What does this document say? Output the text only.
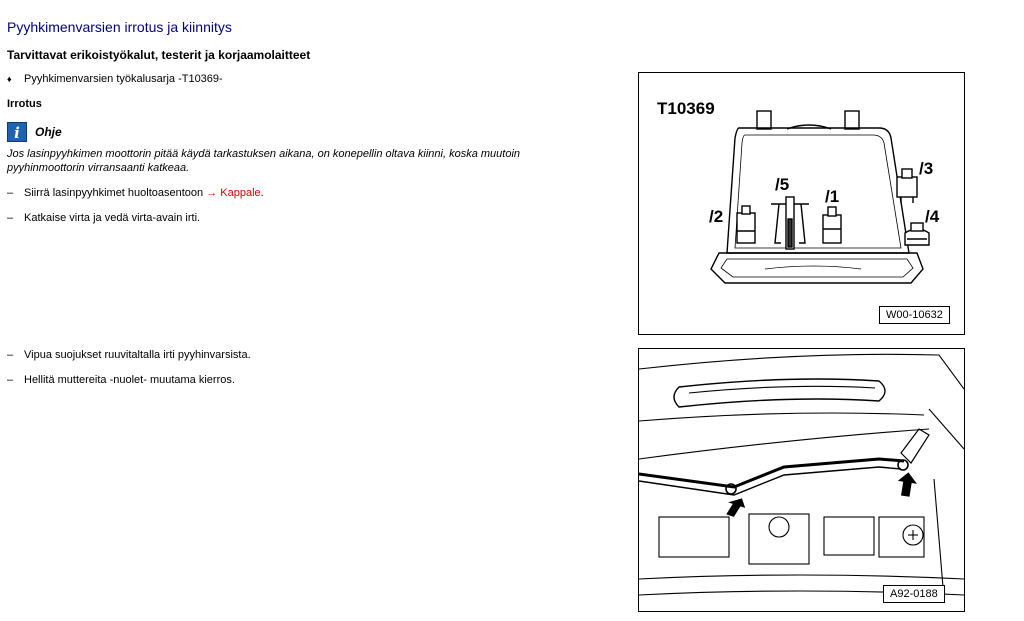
Pyyhkimenvarsien irrotus ja kiinnitys
Tarvittavat erikoistyökalut, testerit ja korjaamolaitteet
♦ Pyyhkimenvarsien työkalusarja -T10369-
Irrotus
i	Ohje
Jos lasinpyyhkimen moottorin pitää käydä tarkastuksen aikana, on konepellin oltava kiinni, koska muutoin pyyhinmoottorin virransaanti katkeaa.
– Siirrä lasinpyyhkimet huoltoasentoon → Kappale.
– Katkaise virta ja vedä virta-avain irti.
– Vipua suojukset ruuvitaltalla irti pyyhinvarsista.
– Hellitä muttereita -nuolet- muutama kierros.
T10369
/2
/5
/1
/3
/4
W00-10632
A92-0188
